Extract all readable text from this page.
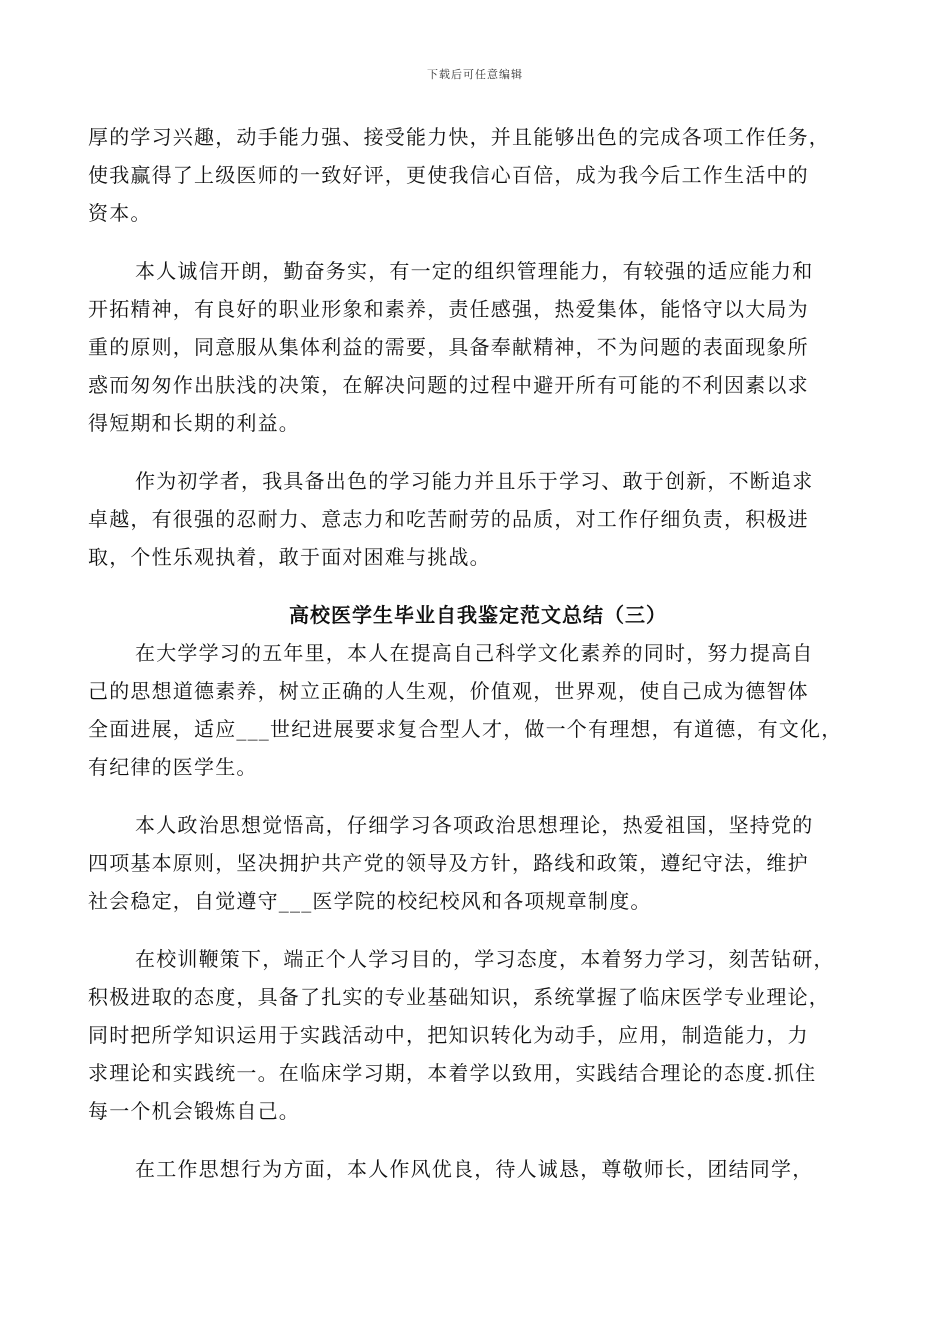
下载后可任意编辑
厚的学习兴趣，动手能力强、接受能力快，并且能够出色的完成各项工作任务，
使我赢得了上级医师的一致好评，更使我信心百倍，成为我今后工作生活中的
资本。
本人诚信开朗，勤奋务实，有一定的组织管理能力，有较强的适应能力和
开拓精神，有良好的职业形象和素养，责任感强，热爱集体，能恪守以大局为
重的原则，同意服从集体利益的需要，具备奉献精神，不为问题的表面现象所
惑而匆匆作出肤浅的决策，在解决问题的过程中避开所有可能的不利因素以求
得短期和长期的利益。
作为初学者，我具备出色的学习能力并且乐于学习、敢于创新，不断追求
卓越，有很强的忍耐力、意志力和吃苦耐劳的品质，对工作仔细负责，积极进
取，个性乐观执着，敢于面对困难与挑战。
高校医学生毕业自我鉴定范文总结（三）
在大学学习的五年里，本人在提高自己科学文化素养的同时，努力提高自
己的思想道德素养，树立正确的人生观，价值观，世界观，使自己成为德智体
全面进展，适应___世纪进展要求复合型人才，做一个有理想，有道德，有文化，
有纪律的医学生。
本人政治思想觉悟高，仔细学习各项政治思想理论，热爱祖国，坚持党的
四项基本原则，坚决拥护共产党的领导及方针，路线和政策，遵纪守法，维护
社会稳定，自觉遵守___医学院的校纪校风和各项规章制度。
在校训鞭策下，端正个人学习目的，学习态度，本着努力学习，刻苦钻研，
积极进取的态度，具备了扎实的专业基础知识，系统掌握了临床医学专业理论，
同时把所学知识运用于实践活动中，把知识转化为动手，应用，制造能力，力
求理论和实践统一。在临床学习期，本着学以致用，实践结合理论的态度.抓住
每一个机会锻炼自己。
在工作思想行为方面，本人作风优良，待人诚恳，尊敬师长，团结同学，
